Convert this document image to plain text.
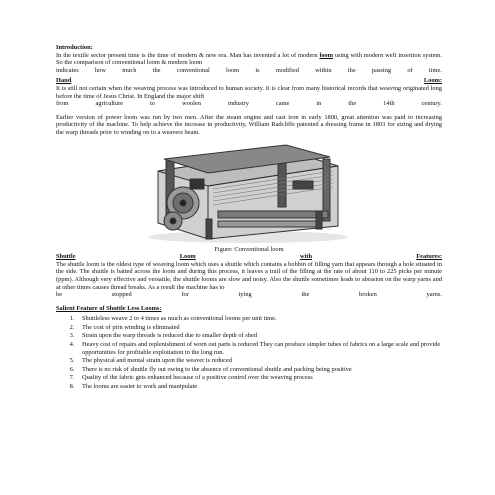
Introduction:

In the textile sector present time is the time of modern & new era. Man has invented a lot of modern loom using with modern weft insertion system. So the comparison of conventional loom & modern loom

indicates	how	much	the	conventional	loom	is	modified	within	the	passing	of	time.
Hand	Loom:

It is still not certain when the weaving process was introduced to human society. It is clear from many historical records that weaving originated long before the time of Jesus Christ. In England the major shift

from	agriculture	to	woolen	industry	came	in	the	14th	century.

Earlier version of power loom was run by two men. After the steam engine and cast iron in early 1800, great attention was paid to increasing productivity of the machine. To help achieve the increase in productivity, William Radcliffe patented a dressing frame in 1803 for sizing and drying the warp threads prior to winding on to a weavers beam.

Figure: Conventional loom

Shuttle	Loom	with	Features:

The shuttle loom is the oldest type of weaving loom which uses a shuttle which contains a bobbin of filling yarn that appears through a hole situated in the side. The shuttle is batted across the loom and during this process, it leaves a trail of the filling at the rate of about 110 to 225 picks per minute (ppm). Although very effective and versatile, the shuttle looms are slow and noisy. Also the shuttle sometimes leads to abrasion on the warp yarns and at other times causes thread breaks. As a result the machine has to

be	stopped	for	tying	the	broken	yarns.

Salient Feature of Shuttle Less Looms:

1. Shuttleless weave 2 to 4 times as much as conventional looms per unit time.
2. The cost of pirn winding is eliminated
3. Strain upon the warp threads is reduced due to smaller depth of shed
4. Heavy cost of repairs and replenishment of worn out parts is reduced They can produce simpler tubes of fabrics on a large scale and provide opportunities for profitable exploitation in the long run.
5. The physical and mental strain upon the weaver is reduced
6. There is no risk of shuttle fly out owing to the absence of conventional shuttle and packing being positive
7. Quality of the fabric gets enhanced because of a positive control over the weaving process
8. The looms are easier to work and manipulate
